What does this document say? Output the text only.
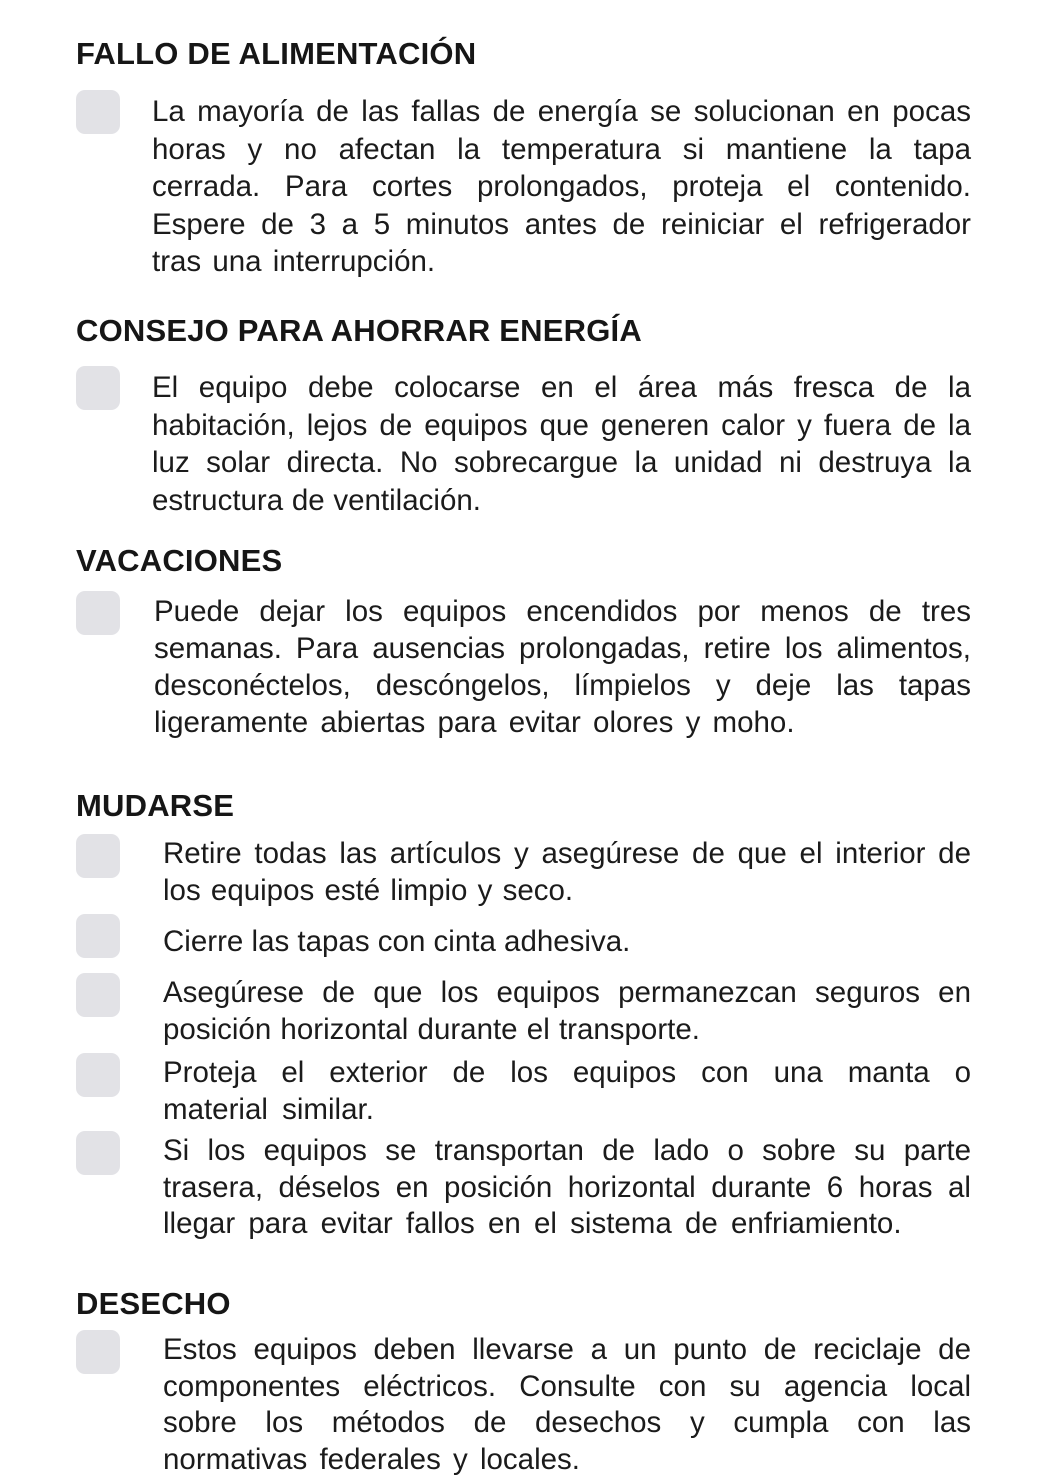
FALLO DE ALIMENTACIÓN

La mayoría de las fallas de energía se solucionan en pocas horas y no afectan la temperatura si mantiene la tapa cerrada. Para cortes prolongados, proteja el contenido. Espere de 3 a 5 minutos antes de reiniciar el refrigerador tras una interrupción.

CONSEJO PARA AHORRAR ENERGÍA

El equipo debe colocarse en el área más fresca de la habitación, lejos de equipos que generen calor y fuera de la luz solar directa. No sobrecargue la unidad ni destruya la estructura de ventilación.

VACACIONES

Puede dejar los equipos encendidos por menos de tres semanas. Para ausencias prolongadas, retire los alimentos, desconéctelos, descóngelos, límpielos y deje las tapas ligeramente abiertas para evitar olores y moho.

MUDARSE

Retire todas las artículos y asegúrese de que el interior de los equipos esté limpio y seco.

Cierre las tapas con cinta adhesiva.

Asegúrese de que los equipos permanezcan seguros en posición horizontal durante el transporte.

Proteja el exterior de los equipos con una manta o material similar.

Si los equipos se transportan de lado o sobre su parte trasera, déselos en posición horizontal durante 6 horas al llegar para evitar fallos en el sistema de enfriamiento.

DESECHO

Estos equipos deben llevarse a un punto de reciclaje de componentes eléctricos. Consulte con su agencia local sobre los métodos de desechos y cumpla con las normativas federales y locales.
